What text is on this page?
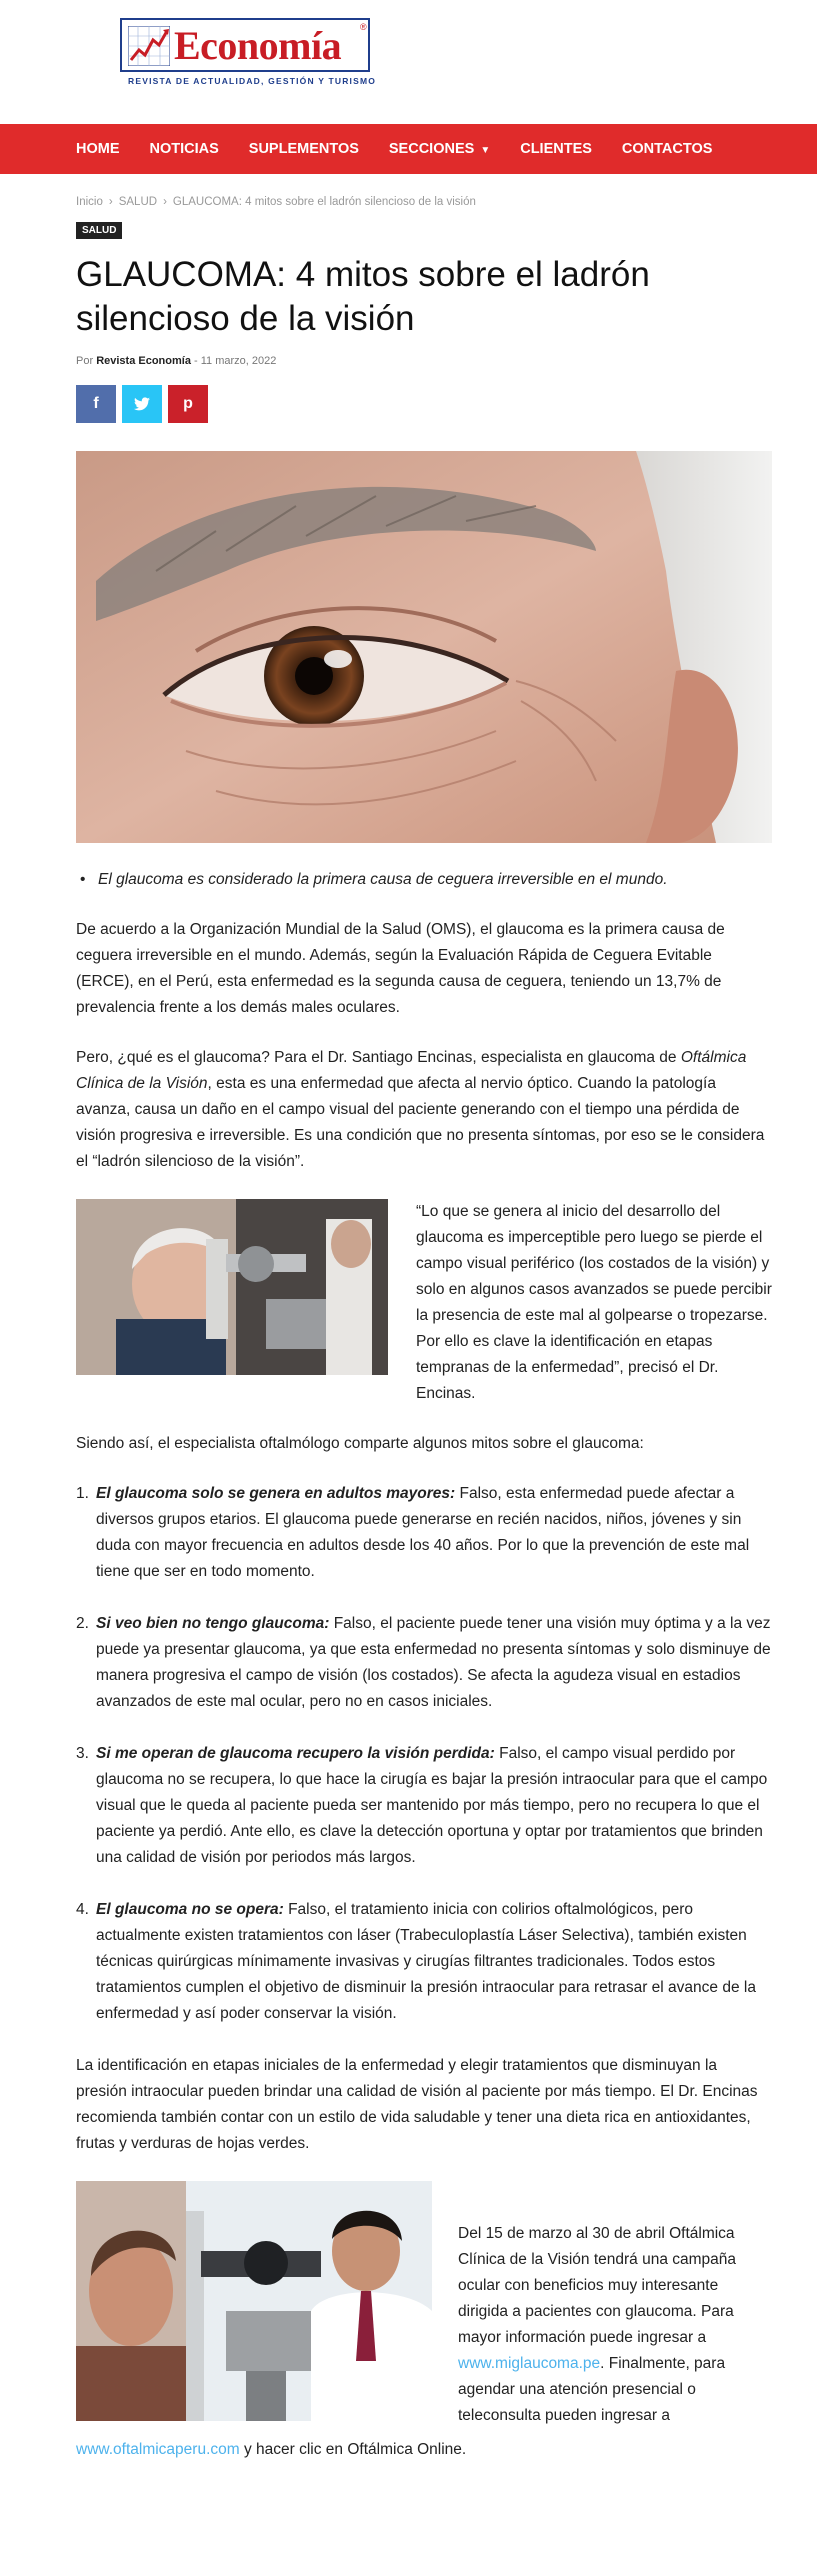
Economía ®
REVISTA DE ACTUALIDAD, GESTIÓN Y TURISMO
HOME NOTICIAS SUPLEMENTOS SECCIONES ▼ CLIENTES CONTACTOS
Inicio › SALUD › GLAUCOMA: 4 mitos sobre el ladrón silencioso de la visión
SALUD
GLAUCOMA: 4 mitos sobre el ladrón silencioso de la visión
Por Revista Economía - 11 marzo, 2022
f	p
• El glaucoma es considerado la primera causa de ceguera irreversible en el mundo.

De acuerdo a la Organización Mundial de la Salud (OMS), el glaucoma es la primera causa de ceguera irreversible en el mundo. Además, según la Evaluación Rápida de Ceguera Evitable (ERCE), en el Perú, esta enfermedad es la segunda causa de ceguera, teniendo un 13,7% de prevalencia frente a los demás males oculares.

Pero, ¿qué es el glaucoma? Para el Dr. Santiago Encinas, especialista en glaucoma de Oftálmica Clínica de la Visión, esta es una enfermedad que afecta al nervio óptico. Cuando la patología avanza, causa un daño en el campo visual del paciente generando con el tiempo una pérdida de visión progresiva e irreversible. Es una condición que no presenta síntomas, por eso se le considera el “ladrón silencioso de la visión”.

“Lo que se genera al inicio del desarrollo del glaucoma es imperceptible pero luego se pierde el campo visual periférico (los costados de la visión) y solo en algunos casos avanzados se puede percibir la presencia de este mal al golpearse o tropezarse. Por ello es clave la identificación en etapas tempranas de la enfermedad”, precisó el Dr. Encinas.

Siendo así, el especialista oftalmólogo comparte algunos mitos sobre el glaucoma:

1. El glaucoma solo se genera en adultos mayores: Falso, esta enfermedad puede afectar a diversos grupos etarios. El glaucoma puede generarse en recién nacidos, niños, jóvenes y sin duda con mayor frecuencia en adultos desde los 40 años. Por lo que la prevención de este mal tiene que ser en todo momento.
2. Si veo bien no tengo glaucoma: Falso, el paciente puede tener una visión muy óptima y a la vez puede ya presentar glaucoma, ya que esta enfermedad no presenta síntomas y solo disminuye de manera progresiva el campo de visión (los costados). Se afecta la agudeza visual en estadios avanzados de este mal ocular, pero no en casos iniciales.
3. Si me operan de glaucoma recupero la visión perdida: Falso, el campo visual perdido por glaucoma no se recupera, lo que hace la cirugía es bajar la presión intraocular para que el campo visual que le queda al paciente pueda ser mantenido por más tiempo, pero no recupera lo que el paciente ya perdió. Ante ello, es clave la detección oportuna y optar por tratamientos que brinden una calidad de visión por periodos más largos.
4. El glaucoma no se opera: Falso, el tratamiento inicia con colirios oftalmológicos, pero actualmente existen tratamientos con láser (Trabeculoplastía Láser Selectiva), también existen técnicas quirúrgicas mínimamente invasivas y cirugías filtrantes tradicionales. Todos estos tratamientos cumplen el objetivo de disminuir la presión intraocular para retrasar el avance de la enfermedad y así poder conservar la visión.

La identificación en etapas iniciales de la enfermedad y elegir tratamientos que disminuyan la presión intraocular pueden brindar una calidad de visión al paciente por más tiempo. El Dr. Encinas recomienda también contar con un estilo de vida saludable y tener una dieta rica en antioxidantes, frutas y verduras de hojas verdes.

Del 15 de marzo al 30 de abril Oftálmica Clínica de la Visión tendrá una campaña ocular con beneficios muy interesante dirigida a pacientes con glaucoma. Para mayor información puede ingresar a www.miglaucoma.pe. Finalmente, para agendar una atención presencial o teleconsulta pueden ingresar a
www.oftalmicaperu.com y hacer clic en Oftálmica Online.
